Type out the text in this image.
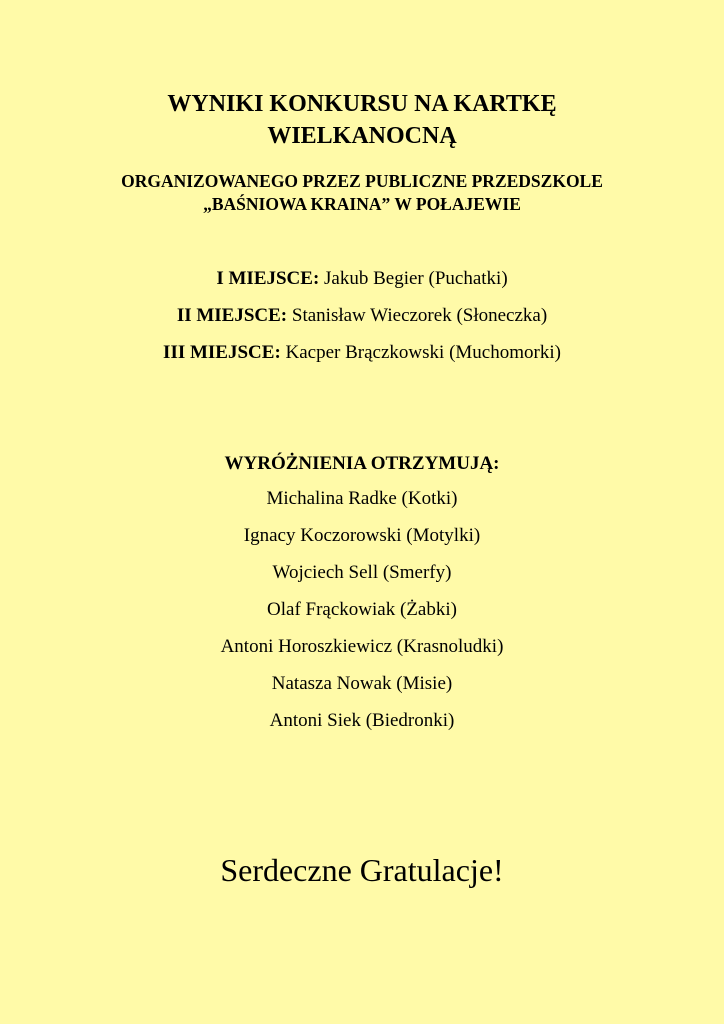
WYNIKI KONKURSU NA KARTKĘ
WIELKANOCNĄ
ORGANIZOWANEGO PRZEZ PUBLICZNE PRZEDSZKOLE
„BAŚNIOWA KRAINA” W POŁAJEWIE
I MIEJSCE: Jakub Begier (Puchatki)
II MIEJSCE: Stanisław Wieczorek (Słoneczka)
III MIEJSCE: Kacper Brączkowski (Muchomorki)
WYRÓŻNIENIA OTRZYMUJĄ:
Michalina Radke (Kotki)
Ignacy Koczorowski (Motylki)
Wojciech Sell (Smerfy)
Olaf Frąckowiak (Żabki)
Antoni Horoszkiewicz (Krasnoludki)
Natasza Nowak (Misie)
Antoni Siek (Biedronki)
Serdeczne Gratulacje!
